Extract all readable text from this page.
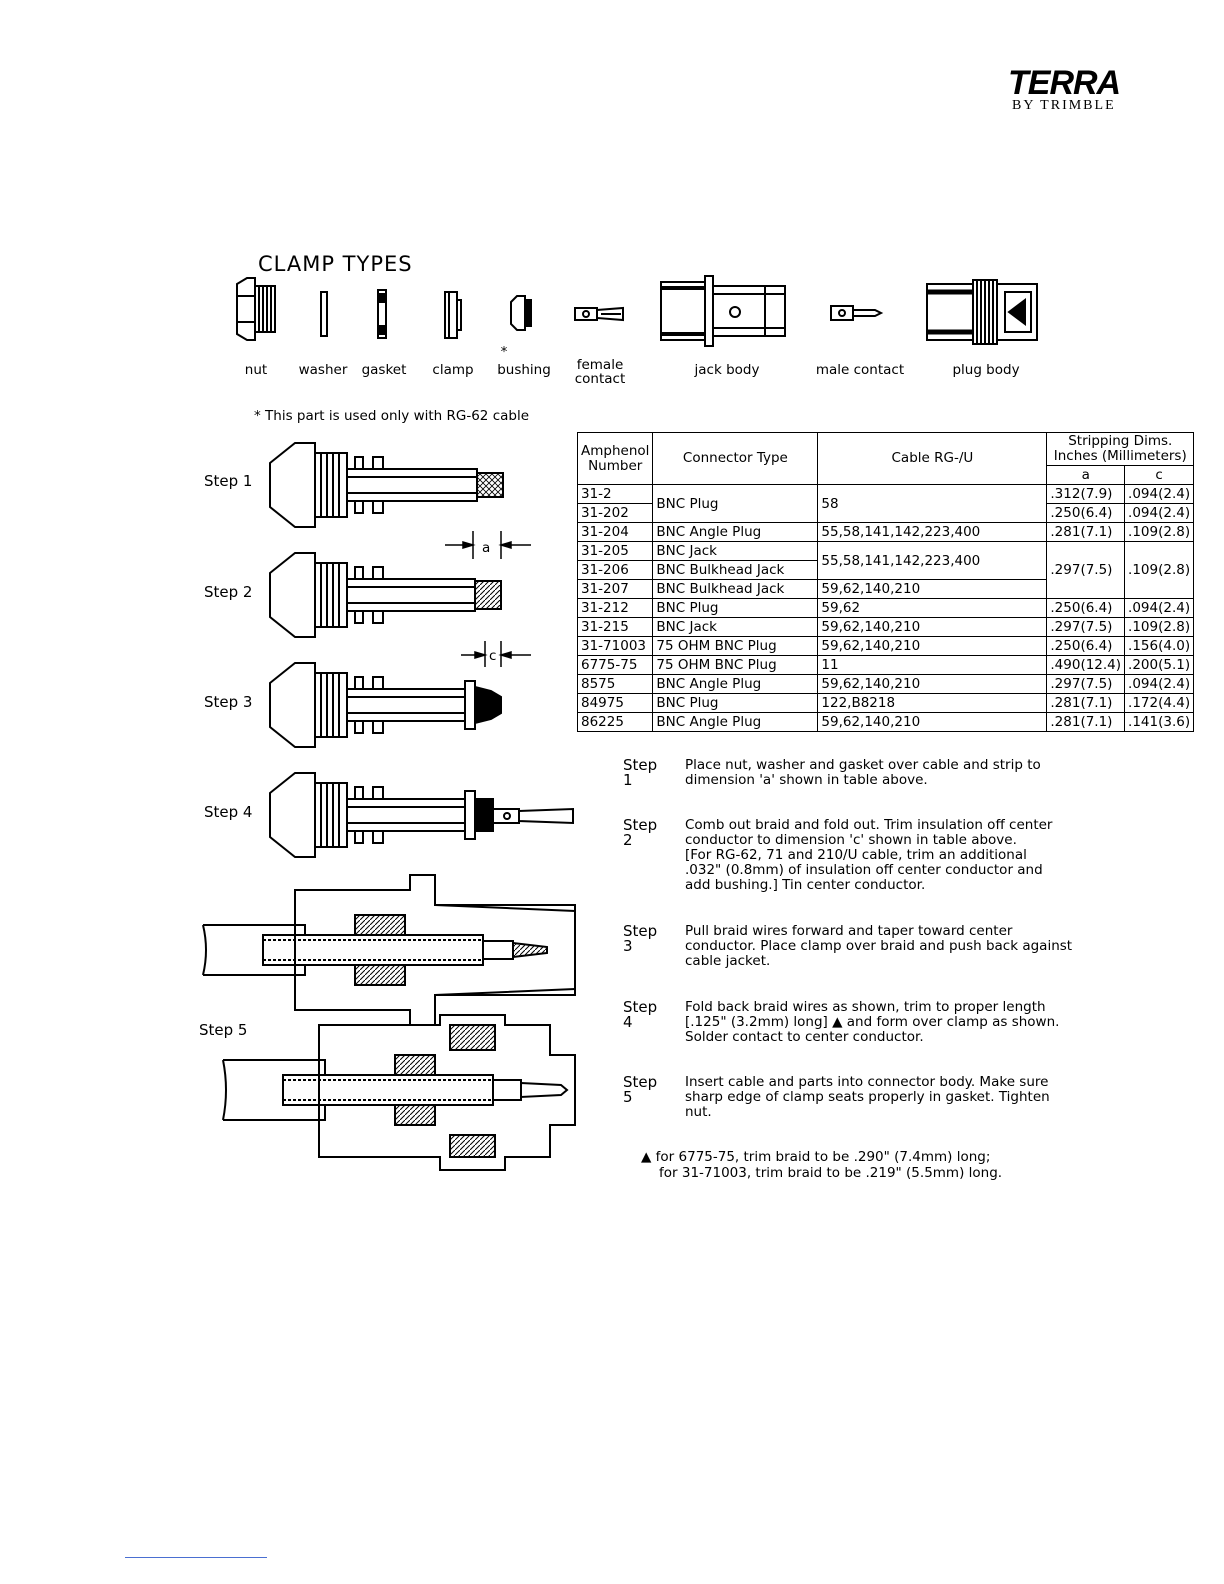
TERRA
BY TRIMBLE
CLAMP TYPES
nut	washer	gasket	clamp
*
bushing	female contact
jack body	male contact	plug body
* This part is used only with RG-62 cable
Step 1
Step 2
Step 3
Step 4
Step 5
a
c
Amphenol Number	Connector Type	Cable RG-/U	Stripping Dims. Inches (Millimeters)	
			a	c
31-2	BNC Plug	58	.312(7.9)	.094(2.4)
31-202			.250(6.4)	.094(2.4)
31-204	BNC Angle Plug	55,58,141,142,223,400	.281(7.1)	.109(2.8)
31-205	BNC Jack	55,58,141,142,223,400	.297(7.5)	.109(2.8)
31-206	BNC Bulkhead Jack			
31-207	BNC Bulkhead Jack	59,62,140,210		
31-212	BNC Plug	59,62	.250(6.4)	.094(2.4)
31-215	BNC Jack	59,62,140,210	.297(7.5)	.109(2.8)
31-71003	75 OHM BNC Plug	59,62,140,210	.250(6.4)	.156(4.0)
6775-75	75 OHM BNC Plug	11	.490(12.4)	.200(5.1)
8575	BNC Angle Plug	59,62,140,210	.297(7.5)	.094(2.4)
84975	BNC Plug	122,B8218	.281(7.1)	.172(4.4)
86225	BNC Angle Plug	59,62,140,210	.281(7.1)	.141(3.6)
Step 1
Place nut, washer and gasket over cable and strip to
dimension 'a' shown in table above.
Step 2
Comb out braid and fold out. Trim insulation off center
conductor to dimension 'c' shown in table above.
[For RG-62, 71 and 210/U cable, trim an additional
.032" (0.8mm) of insulation off center conductor and
add bushing.] Tin center conductor.
Step 3
Pull braid wires forward and taper toward center
conductor. Place clamp over braid and push back against
cable jacket.
Step 4
Fold back braid wires as shown, trim to proper length
[.125" (3.2mm) long] ▲ and form over clamp as shown.
Solder contact to center conductor.
Step 5
Insert cable and parts into connector body. Make sure
sharp edge of clamp seats properly in gasket. Tighten
nut.
▲ for 6775-75, trim braid to be .290" (7.4mm) long;
for 31-71003, trim braid to be .219" (5.5mm) long.
